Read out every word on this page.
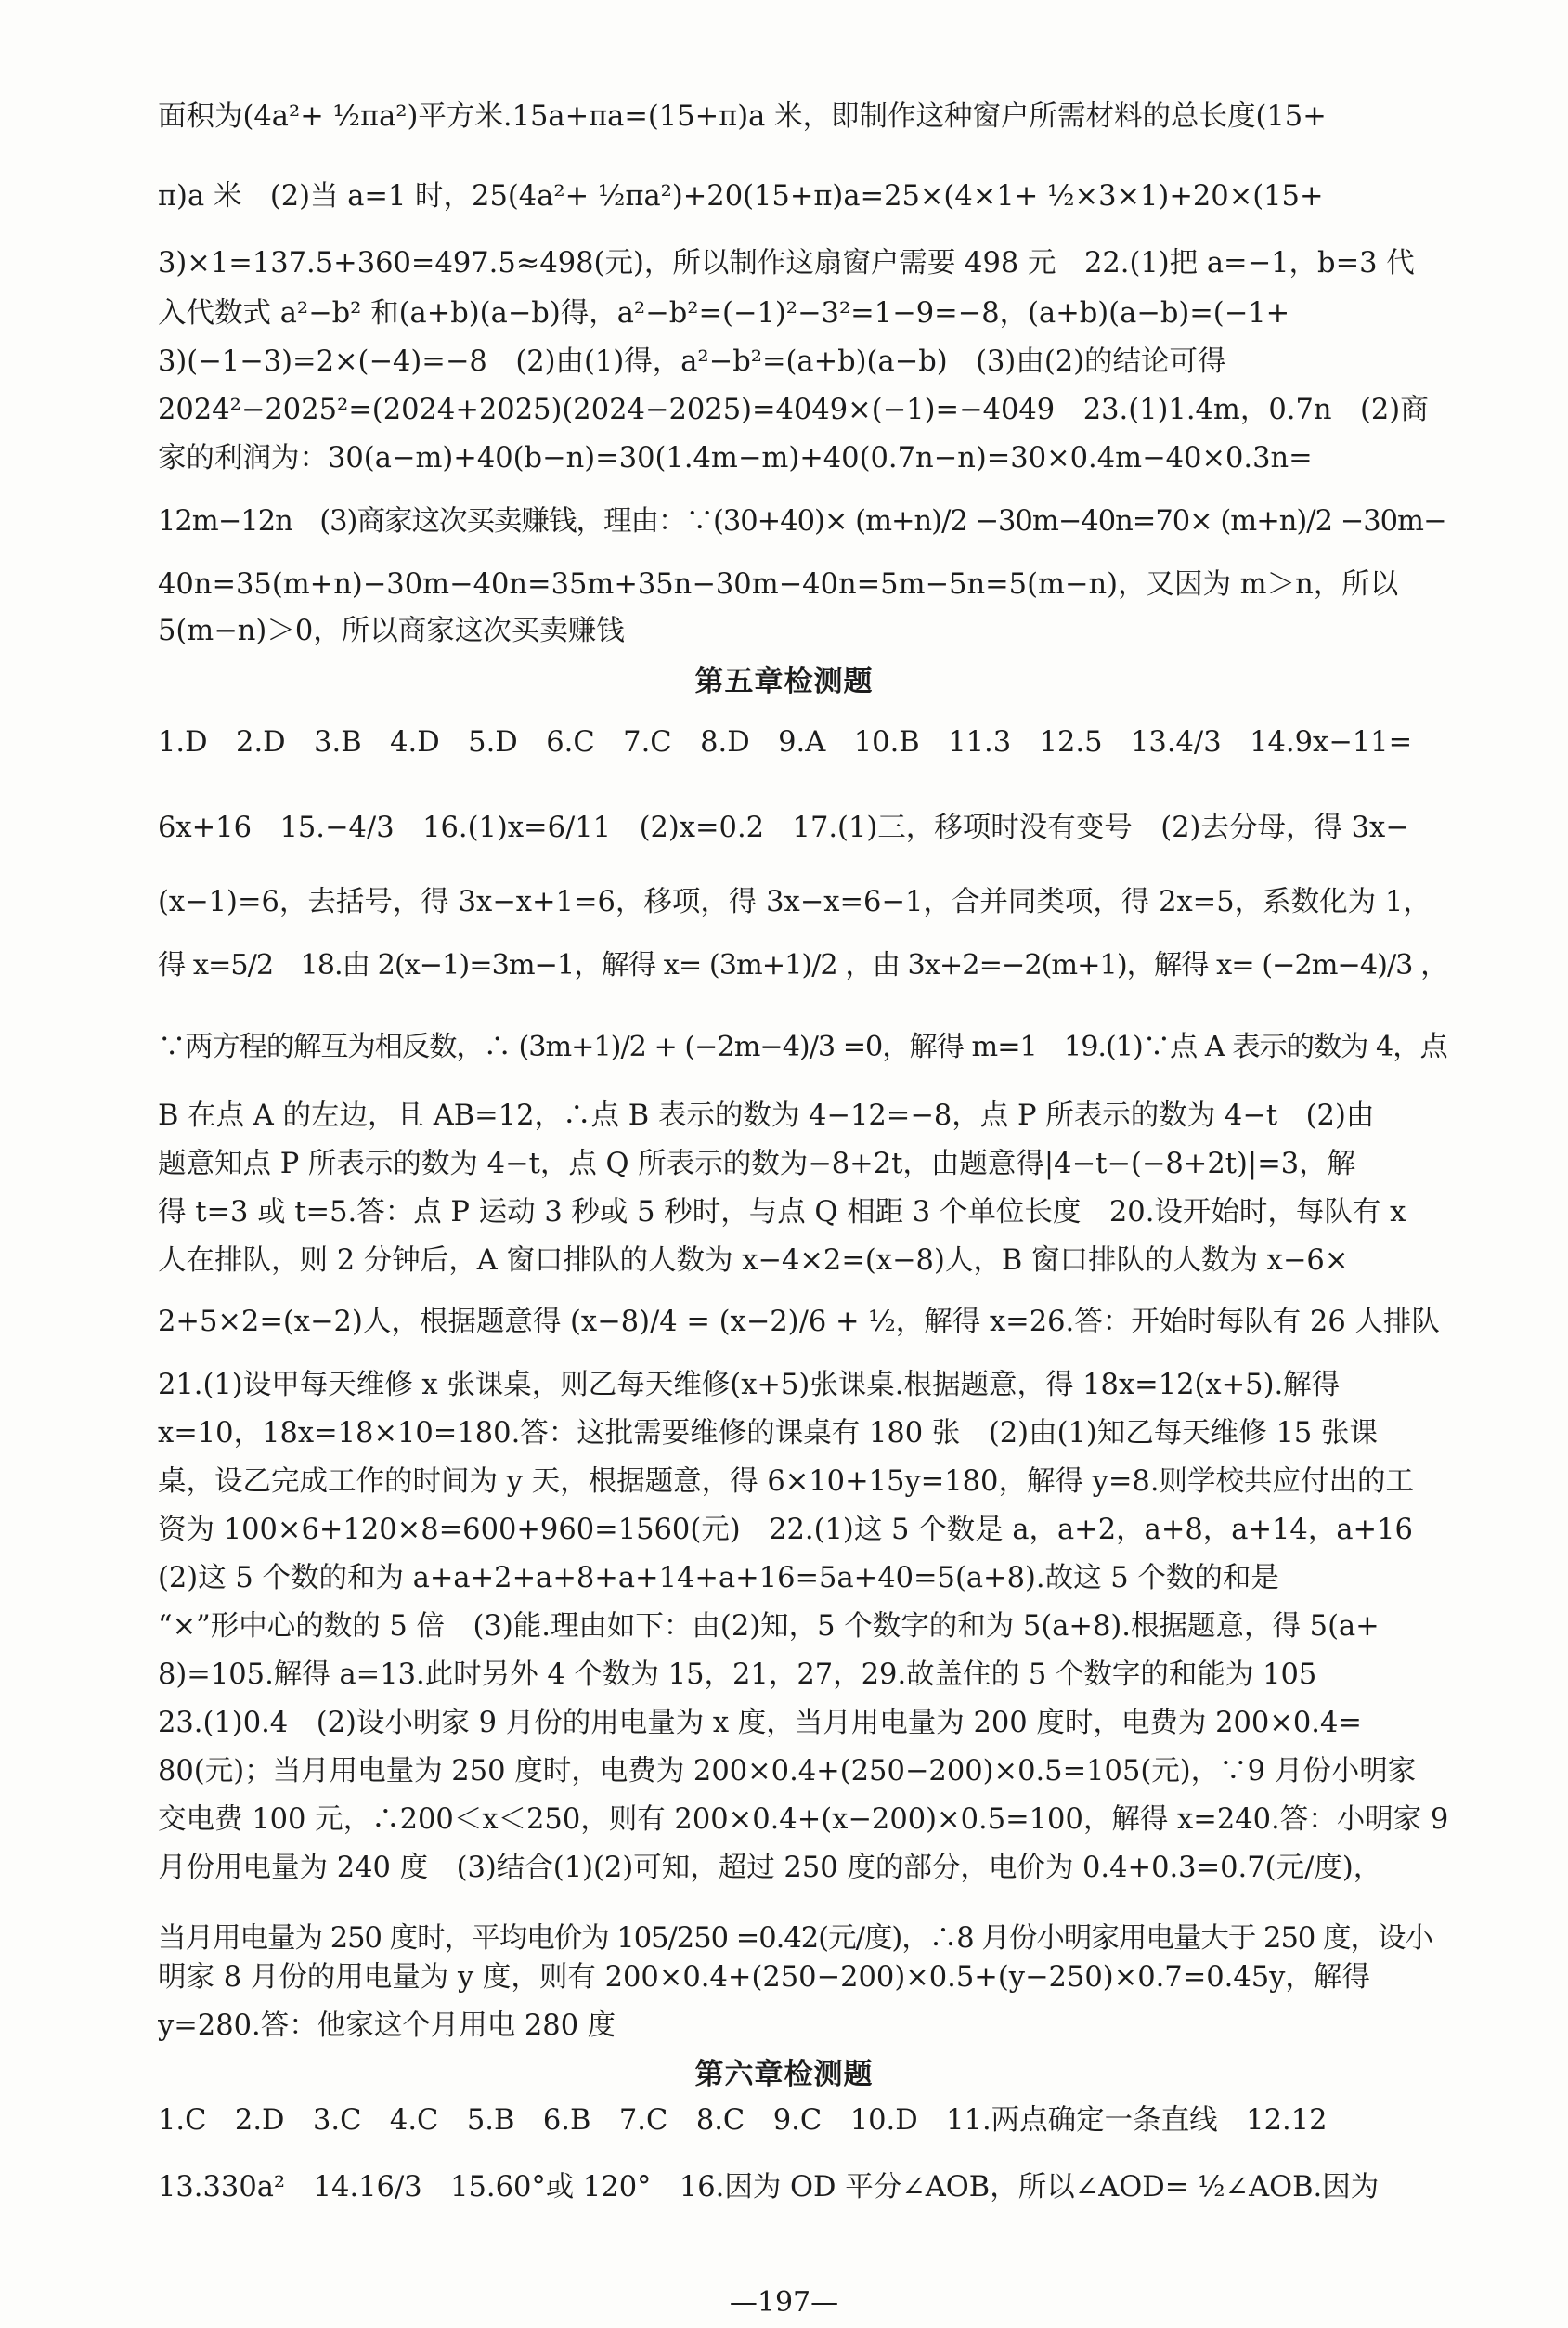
面积为(4a²+ ½πa²)平方米.15a+πa=(15+π)a 米，即制作这种窗户所需材料的总长度(15+
π)a 米　(2)当 a=1 时，25(4a²+ ½πa²)+20(15+π)a=25×(4×1+ ½×3×1)+20×(15+
3)×1=137.5+360=497.5≈498(元)，所以制作这扇窗户需要 498 元　22.(1)把 a=−1，b=3 代
入代数式 a²−b² 和(a+b)(a−b)得，a²−b²=(−1)²−3²=1−9=−8，(a+b)(a−b)=(−1+
3)(−1−3)=2×(−4)=−8　(2)由(1)得，a²−b²=(a+b)(a−b)　(3)由(2)的结论可得
2024²−2025²=(2024+2025)(2024−2025)=4049×(−1)=−4049　23.(1)1.4m，0.7n　(2)商
家的利润为：30(a−m)+40(b−n)=30(1.4m−m)+40(0.7n−n)=30×0.4m−40×0.3n=
12m−12n　(3)商家这次买卖赚钱，理由：∵(30+40)× (m+n)/2 −30m−40n=70× (m+n)/2 −30m−
40n=35(m+n)−30m−40n=35m+35n−30m−40n=5m−5n=5(m−n)，又因为 m＞n，所以
5(m−n)＞0，所以商家这次买卖赚钱
第五章检测题
1.D　2.D　3.B　4.D　5.D　6.C　7.C　8.D　9.A　10.B　11.3　12.5　13.4/3　14.9x−11=
6x+16　15.−4/3　16.(1)x=6/11　(2)x=0.2　17.(1)三，移项时没有变号　(2)去分母，得 3x−
(x−1)=6，去括号，得 3x−x+1=6，移项，得 3x−x=6−1，合并同类项，得 2x=5，系数化为 1，
得 x=5/2　18.由 2(x−1)=3m−1，解得 x= (3m+1)/2 ，由 3x+2=−2(m+1)，解得 x= (−2m−4)/3 ，
∵两方程的解互为相反数，∴ (3m+1)/2 + (−2m−4)/3 =0，解得 m=1　19.(1)∵点 A 表示的数为 4，点
B 在点 A 的左边，且 AB=12，∴点 B 表示的数为 4−12=−8，点 P 所表示的数为 4−t　(2)由
题意知点 P 所表示的数为 4−t，点 Q 所表示的数为−8+2t，由题意得|4−t−(−8+2t)|=3，解
得 t=3 或 t=5.答：点 P 运动 3 秒或 5 秒时，与点 Q 相距 3 个单位长度　20.设开始时，每队有 x
人在排队，则 2 分钟后，A 窗口排队的人数为 x−4×2=(x−8)人，B 窗口排队的人数为 x−6×
2+5×2=(x−2)人，根据题意得 (x−8)/4 = (x−2)/6 + ½，解得 x=26.答：开始时每队有 26 人排队
21.(1)设甲每天维修 x 张课桌，则乙每天维修(x+5)张课桌.根据题意，得 18x=12(x+5).解得
x=10，18x=18×10=180.答：这批需要维修的课桌有 180 张　(2)由(1)知乙每天维修 15 张课
桌，设乙完成工作的时间为 y 天，根据题意，得 6×10+15y=180，解得 y=8.则学校共应付出的工
资为 100×6+120×8=600+960=1560(元)　22.(1)这 5 个数是 a，a+2，a+8，a+14，a+16
(2)这 5 个数的和为 a+a+2+a+8+a+14+a+16=5a+40=5(a+8).故这 5 个数的和是
“×”形中心的数的 5 倍　(3)能.理由如下：由(2)知，5 个数字的和为 5(a+8).根据题意，得 5(a+
8)=105.解得 a=13.此时另外 4 个数为 15，21，27，29.故盖住的 5 个数字的和能为 105
23.(1)0.4　(2)设小明家 9 月份的用电量为 x 度，当月用电量为 200 度时，电费为 200×0.4=
80(元)；当月用电量为 250 度时，电费为 200×0.4+(250−200)×0.5=105(元)，∵9 月份小明家
交电费 100 元，∴200＜x＜250，则有 200×0.4+(x−200)×0.5=100，解得 x=240.答：小明家 9
月份用电量为 240 度　(3)结合(1)(2)可知，超过 250 度的部分，电价为 0.4+0.3=0.7(元/度)，
当月用电量为 250 度时，平均电价为 105/250 =0.42(元/度)，∴8 月份小明家用电量大于 250 度，设小
明家 8 月份的用电量为 y 度，则有 200×0.4+(250−200)×0.5+(y−250)×0.7=0.45y，解得
y=280.答：他家这个月用电 280 度
第六章检测题
1.C　2.D　3.C　4.C　5.B　6.B　7.C　8.C　9.C　10.D　11.两点确定一条直线　12.12
13.330a²　14.16/3　15.60°或 120°　16.因为 OD 平分∠AOB，所以∠AOD= ½∠AOB.因为
—197—
